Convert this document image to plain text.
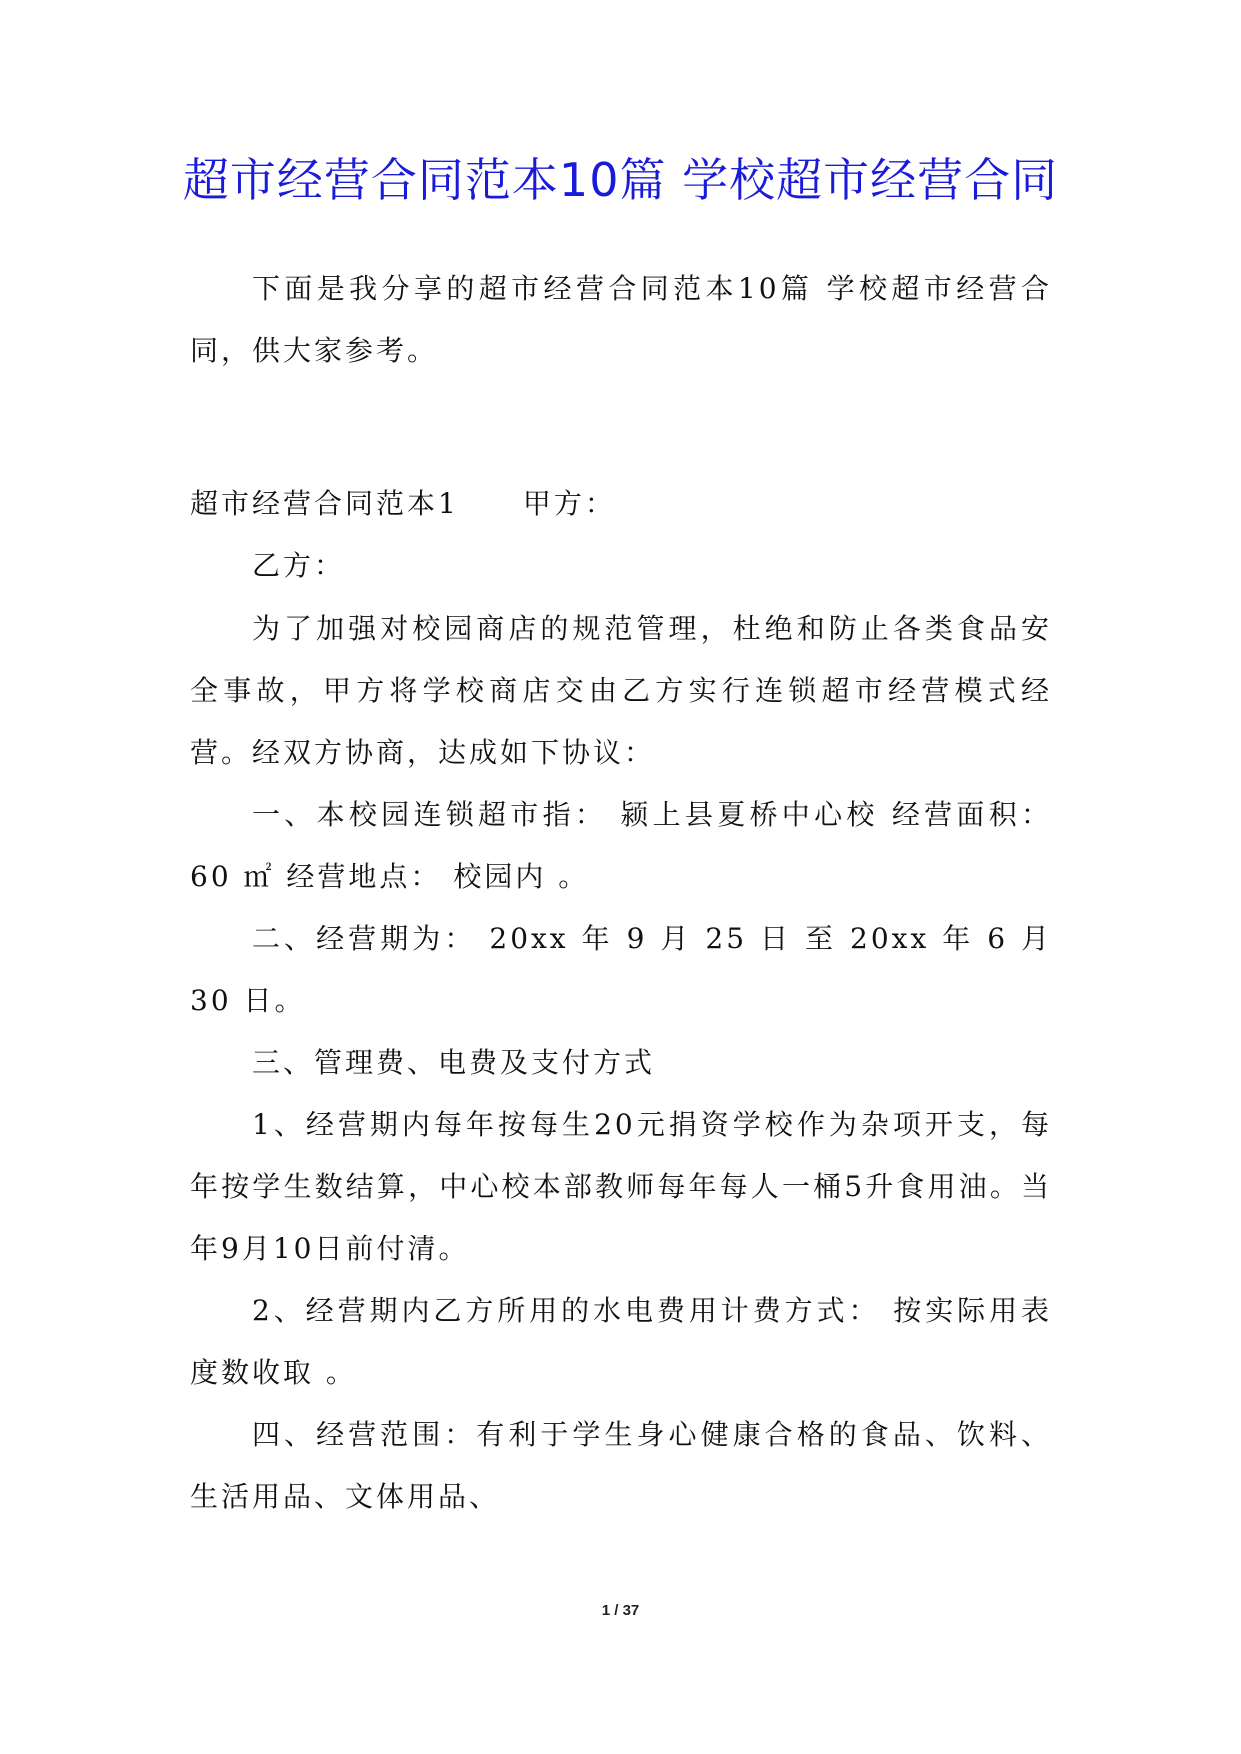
超市经营合同范本10篇 学校超市经营合同

下面是我分享的超市经营合同范本10篇 学校超市经营合同，供大家参考。

超市经营合同范本1 甲方：
乙方：

为了加强对校园商店的规范管理，杜绝和防止各类食品安全事故，甲方将学校商店交由乙方实行连锁超市经营模式经营。经双方协商，达成如下协议：

一、本校园连锁超市指： 颍上县夏桥中心校 经营面积： 60 ㎡ 经营地点： 校园内 。

二、经营期为： 20xx 年 9 月 25 日 至 20xx 年 6 月 30 日。

三、管理费、电费及支付方式

1、经营期内每年按每生20元捐资学校作为杂项开支，每年按学生数结算，中心校本部教师每年每人一桶5升食用油。当年9月10日前付清。

2、经营期内乙方所用的水电费用计费方式： 按实际用表度数收取 。

四、经营范围：有利于学生身心健康合格的食品、饮料、生活用品、文体用品、

1 / 37
